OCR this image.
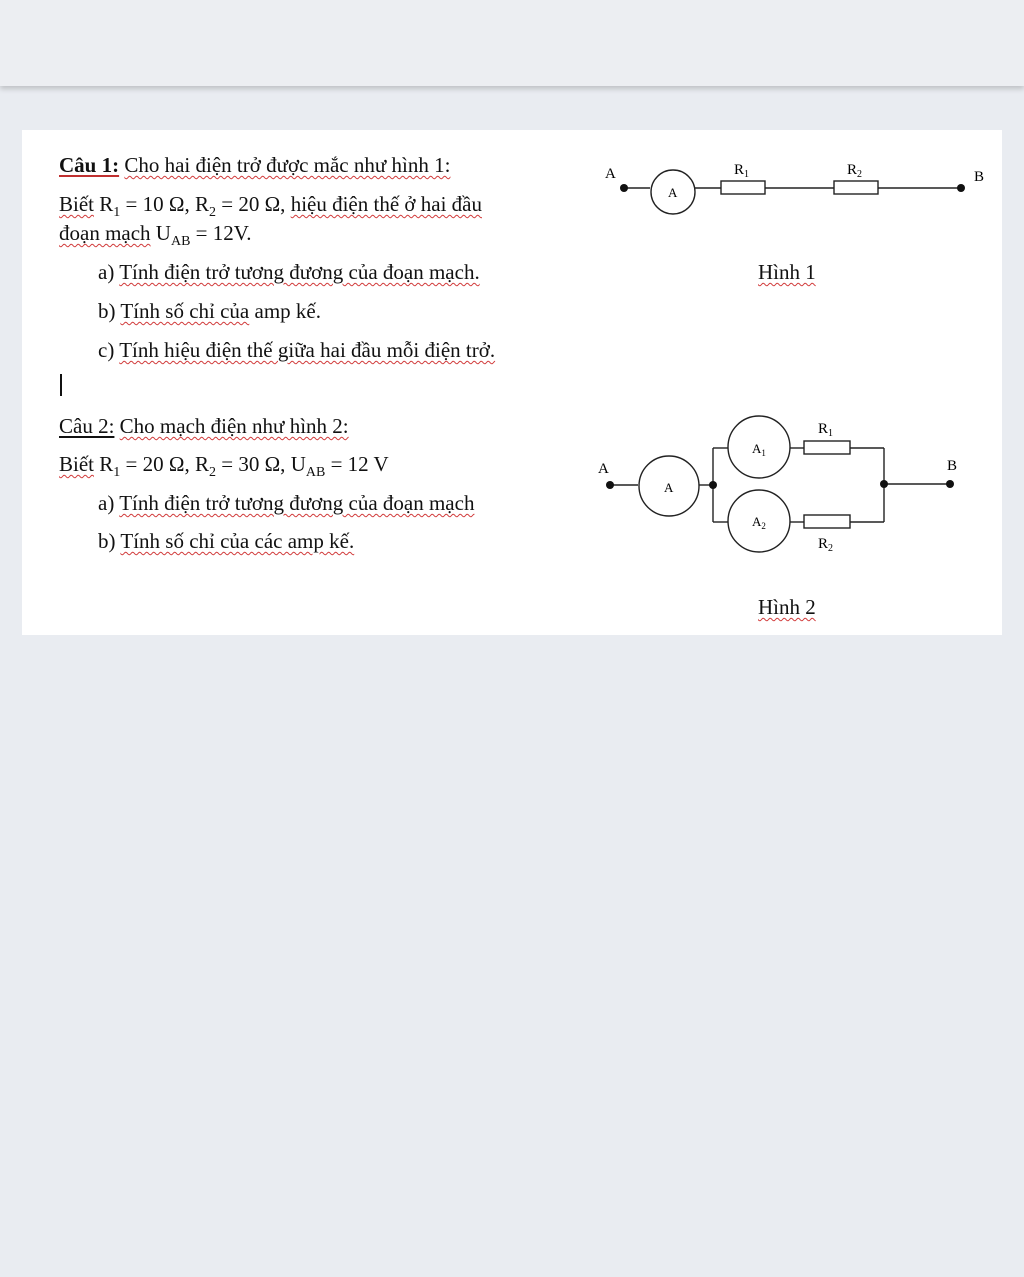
Câu 1: Cho hai điện trở được mắc như hình 1:
Biết $R_1 = 10$ Ω, $R_2 = 20$ Ω, hiệu điện thế ở hai đầu
đoạn mạch $U_{AB} = 12V$.
a) Tính điện trở tương đương của đoạn mạch.
b) Tính số chỉ của amp kế.
c) Tính hiệu điện thế giữa hai đầu mỗi điện trở.
Câu 2: Cho mạch điện như hình 2:
Biết $R_1 = 20$ Ω, $R_2 = 30$ Ω, $U_{AB} = 12$ V
a) Tính điện trở tương đương của đoạn mạch
b) Tính số chỉ của các amp kế.
A	B
A
$R_1$	$R_2$
Hình 1
A	B
A
$A_1$
$A_2$
$R_1$
$R_2$
Hình 2
